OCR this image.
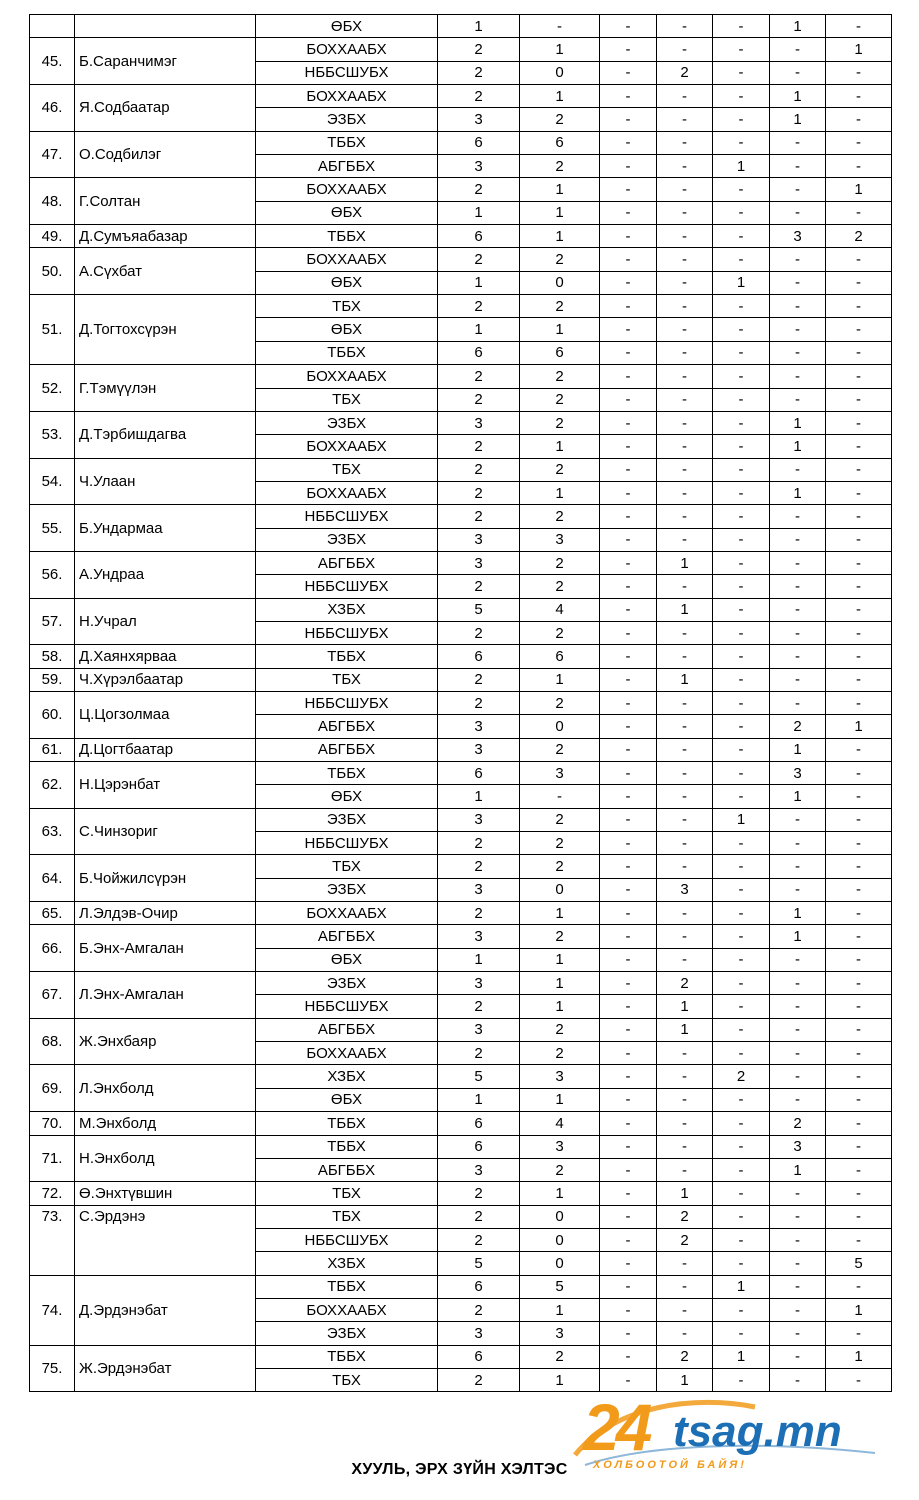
		ӨБХ	1	-	-	-	-	1	-
45.	Б.Саранчимэг	БОХХААБХ	2	1	-	-	-	-	1
		НББСШУБХ	2	0	-	2	-	-	-
46.	Я.Содбаатар	БОХХААБХ	2	1	-	-	-	1	-
		ЭЗБХ	3	2	-	-	-	1	-
47.	О.Содбилэг	ТББХ	6	6	-	-	-	-	-
		АБГББХ	3	2	-	-	1	-	-
48.	Г.Солтан	БОХХААБХ	2	1	-	-	-	-	1
		ӨБХ	1	1	-	-	-	-	-
49.	Д.Сумъяабазар	ТББХ	6	1	-	-	-	3	2
50.	А.Сүхбат	БОХХААБХ	2	2	-	-	-	-	-
		ӨБХ	1	0	-	-	1	-	-
51.	Д.Тогтохсүрэн	ТБХ	2	2	-	-	-	-	-
		ӨБХ	1	1	-	-	-	-	-
		ТББХ	6	6	-	-	-	-	-
52.	Г.Тэмүүлэн	БОХХААБХ	2	2	-	-	-	-	-
		ТБХ	2	2	-	-	-	-	-
53.	Д.Тэрбишдагва	ЭЗБХ	3	2	-	-	-	1	-
		БОХХААБХ	2	1	-	-	-	1	-
54.	Ч.Улаан	ТБХ	2	2	-	-	-	-	-
		БОХХААБХ	2	1	-	-	-	1	-
55.	Б.Ундармаа	НББСШУБХ	2	2	-	-	-	-	-
		ЭЗБХ	3	3	-	-	-	-	-
56.	А.Ундраа	АБГББХ	3	2	-	1	-	-	-
		НББСШУБХ	2	2	-	-	-	-	-
57.	Н.Учрал	ХЗБХ	5	4	-	1	-	-	-
		НББСШУБХ	2	2	-	-	-	-	-
58.	Д.Хаянхярваа	ТББХ	6	6	-	-	-	-	-
59.	Ч.Хүрэлбаатар	ТБХ	2	1	-	1	-	-	-
60.	Ц.Цогзолмаа	НББСШУБХ	2	2	-	-	-	-	-
		АБГББХ	3	0	-	-	-	2	1
61.	Д.Цогтбаатар	АБГББХ	3	2	-	-	-	1	-
62.	Н.Цэрэнбат	ТББХ	6	3	-	-	-	3	-
		ӨБХ	1	-	-	-	-	1	-
63.	С.Чинзориг	ЭЗБХ	3	2	-	-	1	-	-
		НББСШУБХ	2	2	-	-	-	-	-
64.	Б.Чойжилсүрэн	ТБХ	2	2	-	-	-	-	-
		ЭЗБХ	3	0	-	3	-	-	-
65.	Л.Элдэв-Очир	БОХХААБХ	2	1	-	-	-	1	-
66.	Б.Энх-Амгалан	АБГББХ	3	2	-	-	-	1	-
		ӨБХ	1	1	-	-	-	-	-
67.	Л.Энх-Амгалан	ЭЗБХ	3	1	-	2	-	-	-
		НББСШУБХ	2	1	-	1	-	-	-
68.	Ж.Энхбаяр	АБГББХ	3	2	-	1	-	-	-
		БОХХААБХ	2	2	-	-	-	-	-
69.	Л.Энхболд	ХЗБХ	5	3	-	-	2	-	-
		ӨБХ	1	1	-	-	-	-	-
70.	М.Энхболд	ТББХ	6	4	-	-	-	2	-
71.	Н.Энхболд	ТББХ	6	3	-	-	-	3	-
		АБГББХ	3	2	-	-	-	1	-
72.	Ө.Энхтүвшин	ТБХ	2	1	-	1	-	-	-
73.	С.Эрдэнэ	ТБХ	2	0	-	2	-	-	-
		НББСШУБХ	2	0	-	2	-	-	-
		ХЗБХ	5	0	-	-	-	-	5
74.	Д.Эрдэнэбат	ТББХ	6	5	-	-	1	-	-
		БОХХААБХ	2	1	-	-	-	-	1
		ЭЗБХ	3	3	-	-	-	-	-
75.	Ж.Эрдэнэбат	ТББХ	6	2	-	2	1	-	1
		ТБХ	2	1	-	1	-	-	-
24 tsag.mn
ХОЛБООТОЙ БАЙЯ!
ХУУЛЬ, ЭРХ ЗҮЙН ХЭЛТЭС
